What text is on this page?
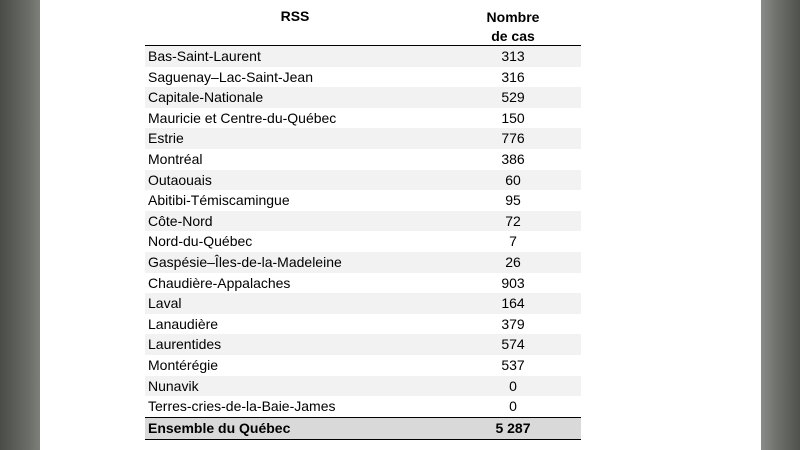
RSS	Nombre
de cas
Bas-Saint-Laurent	313
Saguenay–Lac-Saint-Jean	316
Capitale-Nationale	529
Mauricie et Centre-du-Québec	150
Estrie	776
Montréal	386
Outaouais	60
Abitibi-Témiscamingue	95
Côte-Nord	72
Nord-du-Québec	7
Gaspésie–Îles-de-la-Madeleine	26
Chaudière-Appalaches	903
Laval	164
Lanaudière	379
Laurentides	574
Montérégie	537
Nunavik	0
Terres-cries-de-la-Baie-James	0
Ensemble du Québec	5 287
